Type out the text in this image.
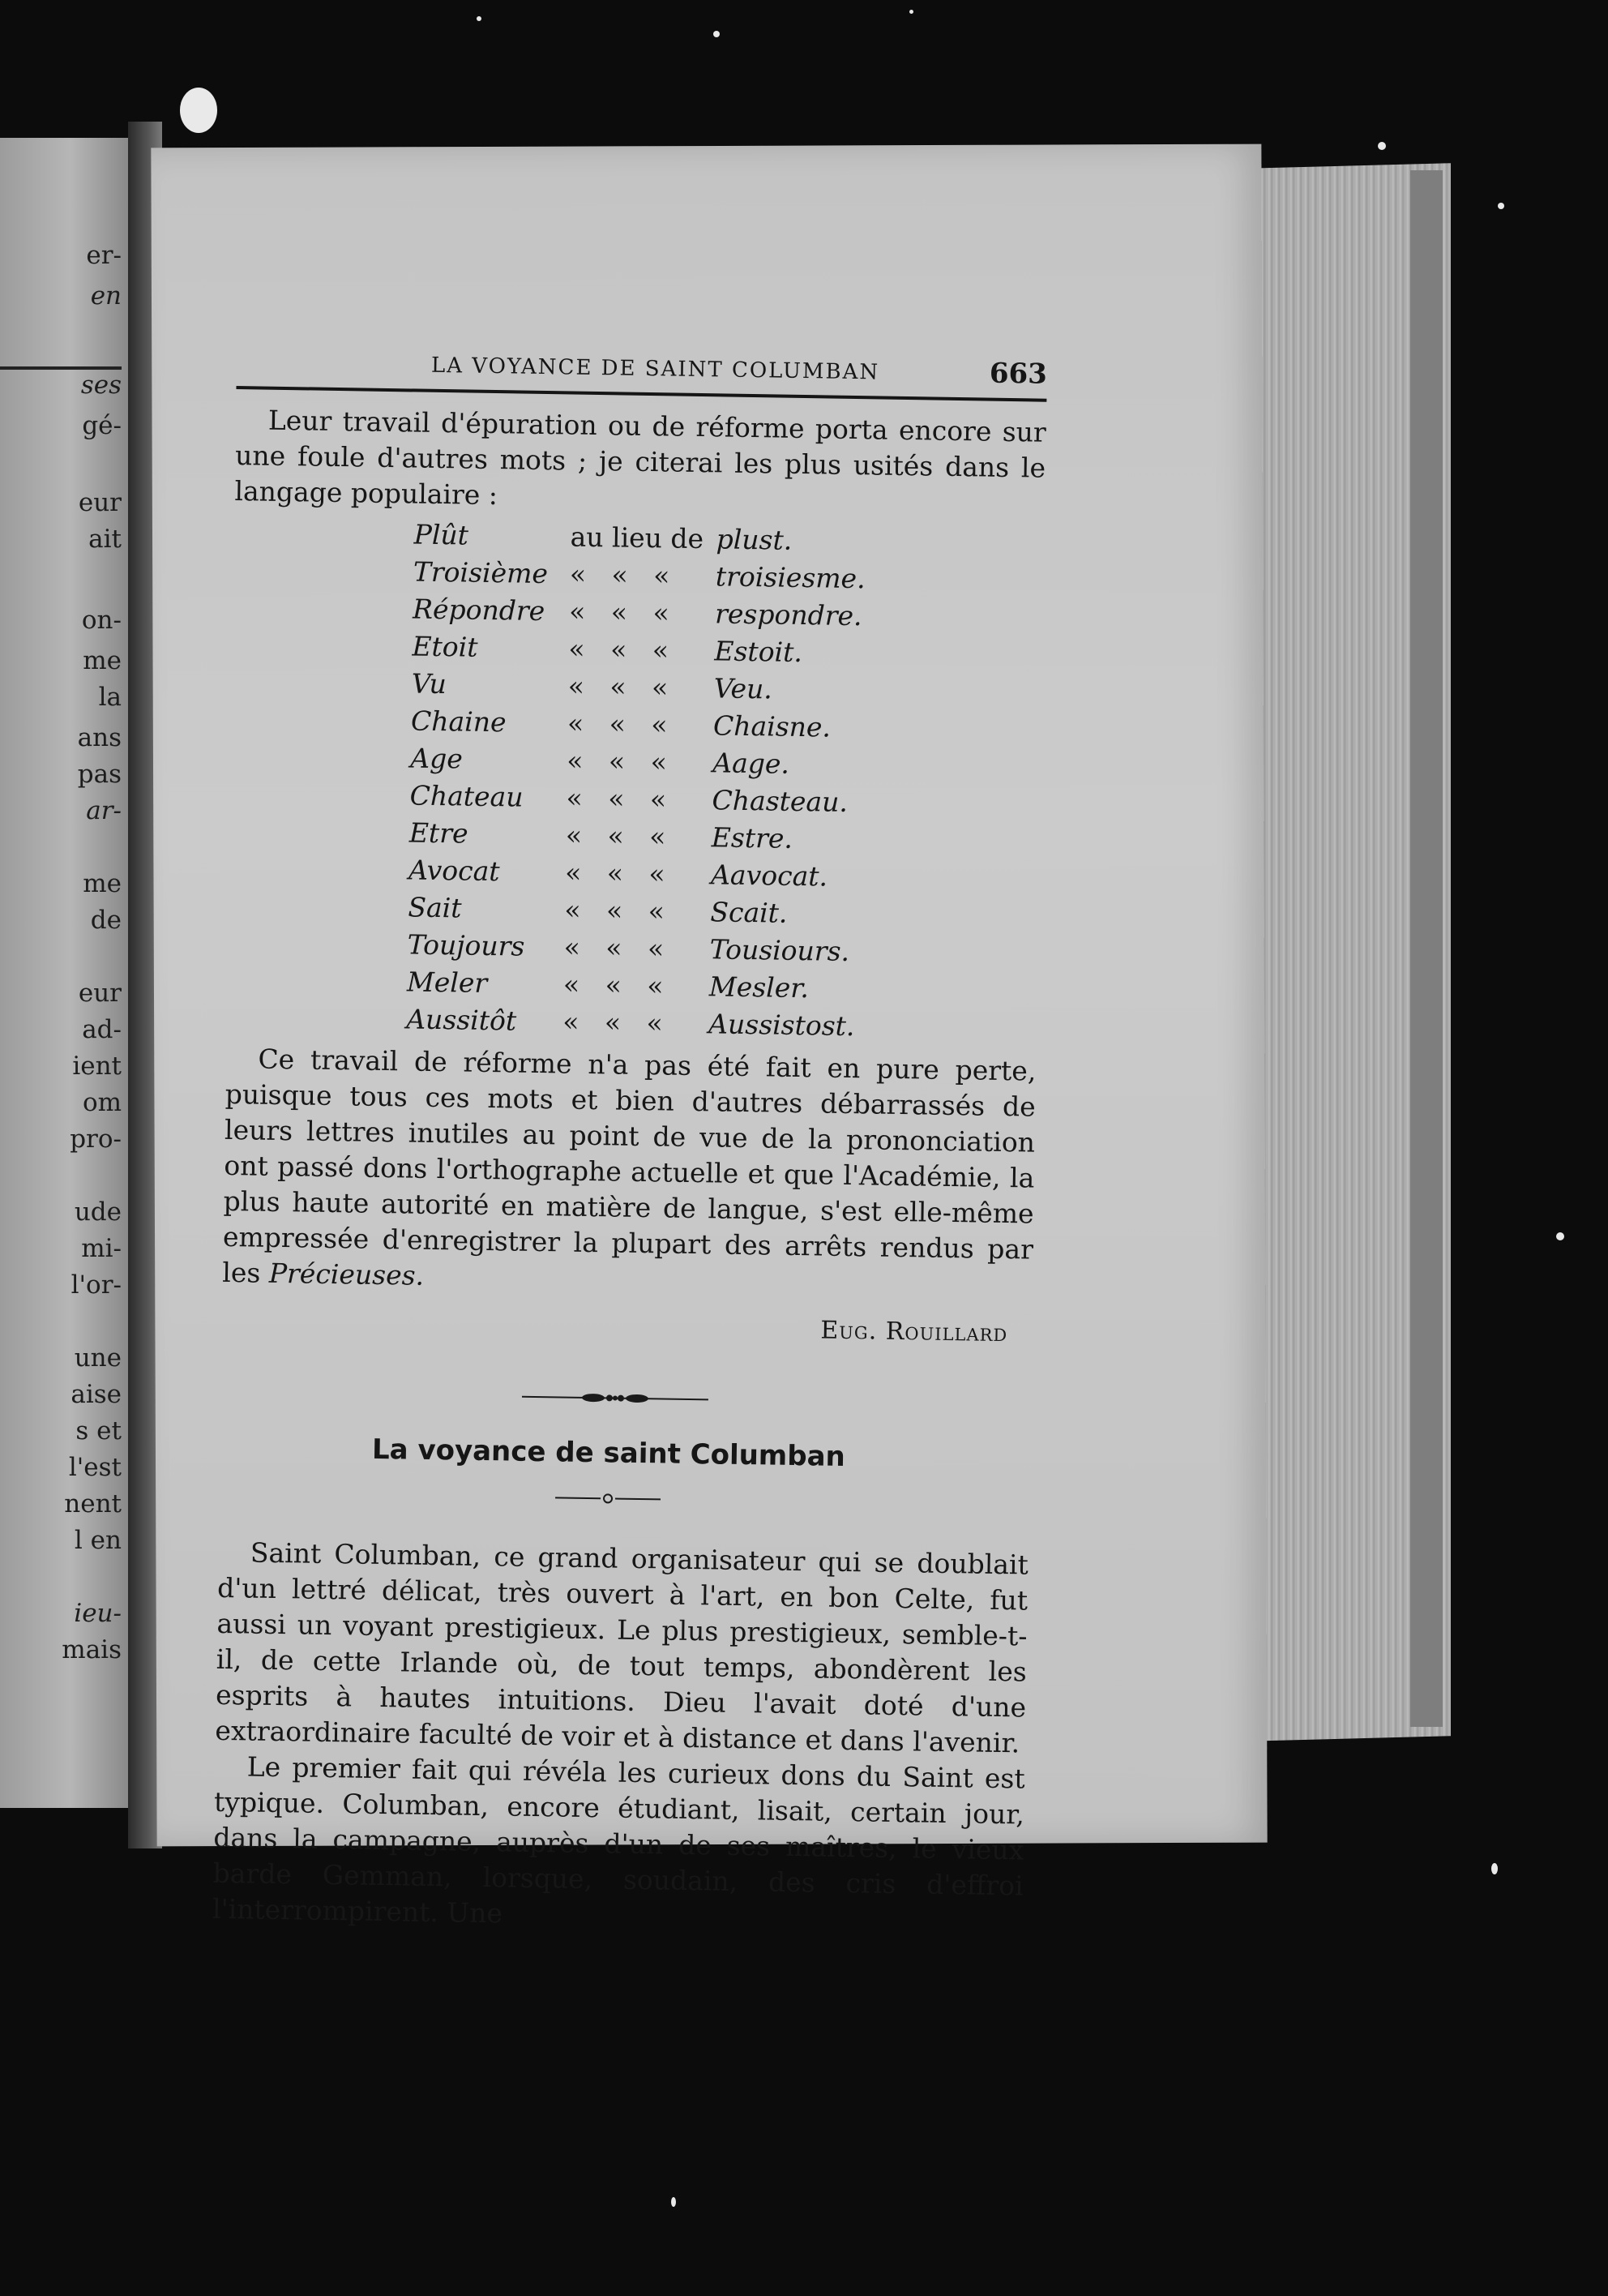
er-
en
ses
gé-
eur
ait
on-
me
la
ans
pas
ar-
me
de
eur
ad-
ient
om
pro-
ude
mi-
l'or-
une
aise
s et
l'est
nent
l en
ieu-
mais
LA VOYANCE DE SAINT COLUMBAN	663

Leur travail d'épuration ou de réforme porta encore sur une foule d'autres mots ; je citerai les plus usités dans le langage populaire :

Plût	au lieu de plust.
Troisième «   «   « troisiesme.
Répondre «   «   « respondre.
Etoit	«   «   « Estoit.
Vu	«   «   « Veu.
Chaine «   «   « Chaisne.
Age	«   «   « Aage.
Chateau «   «   « Chasteau.
Etre	«   «   « Estre.
Avocat «   «   « Aavocat.
Sait	«   «   « Scait.
Toujours «   «   « Tousiours.
Meler	«   «   « Mesler.
Aussitôt «   «   « Aussistost.

Ce travail de réforme n'a pas été fait en pure perte, puisque tous ces mots et bien d'autres débarrassés de leurs lettres inutiles au point de vue de la prononciation ont passé dons l'orthographe actuelle et que l'Académie, la plus haute autorité en matière de langue, s'est elle-même empressée d'enregistrer la plupart des arrêts rendus par les Précieuses.

Eug. Rouillard
La voyance de saint Columban

Saint Columban, ce grand organisateur qui se doublait d'un lettré délicat, très ouvert à l'art, en bon Celte, fut aussi un voyant prestigieux. Le plus prestigieux, semble-t-il, de cette Irlande où, de tout temps, abondèrent les esprits à hautes intuitions. Dieu l'avait doté d'une extraordinaire faculté de voir et à distance et dans l'avenir.

Le premier fait qui révéla les curieux dons du Saint est typique. Columban, encore étudiant, lisait, certain jour, dans la campagne, auprès d'un de ses maîtres, le vieux barde Gemman, lorsque, soudain, des cris d'effroi l'interrompirent. Une
